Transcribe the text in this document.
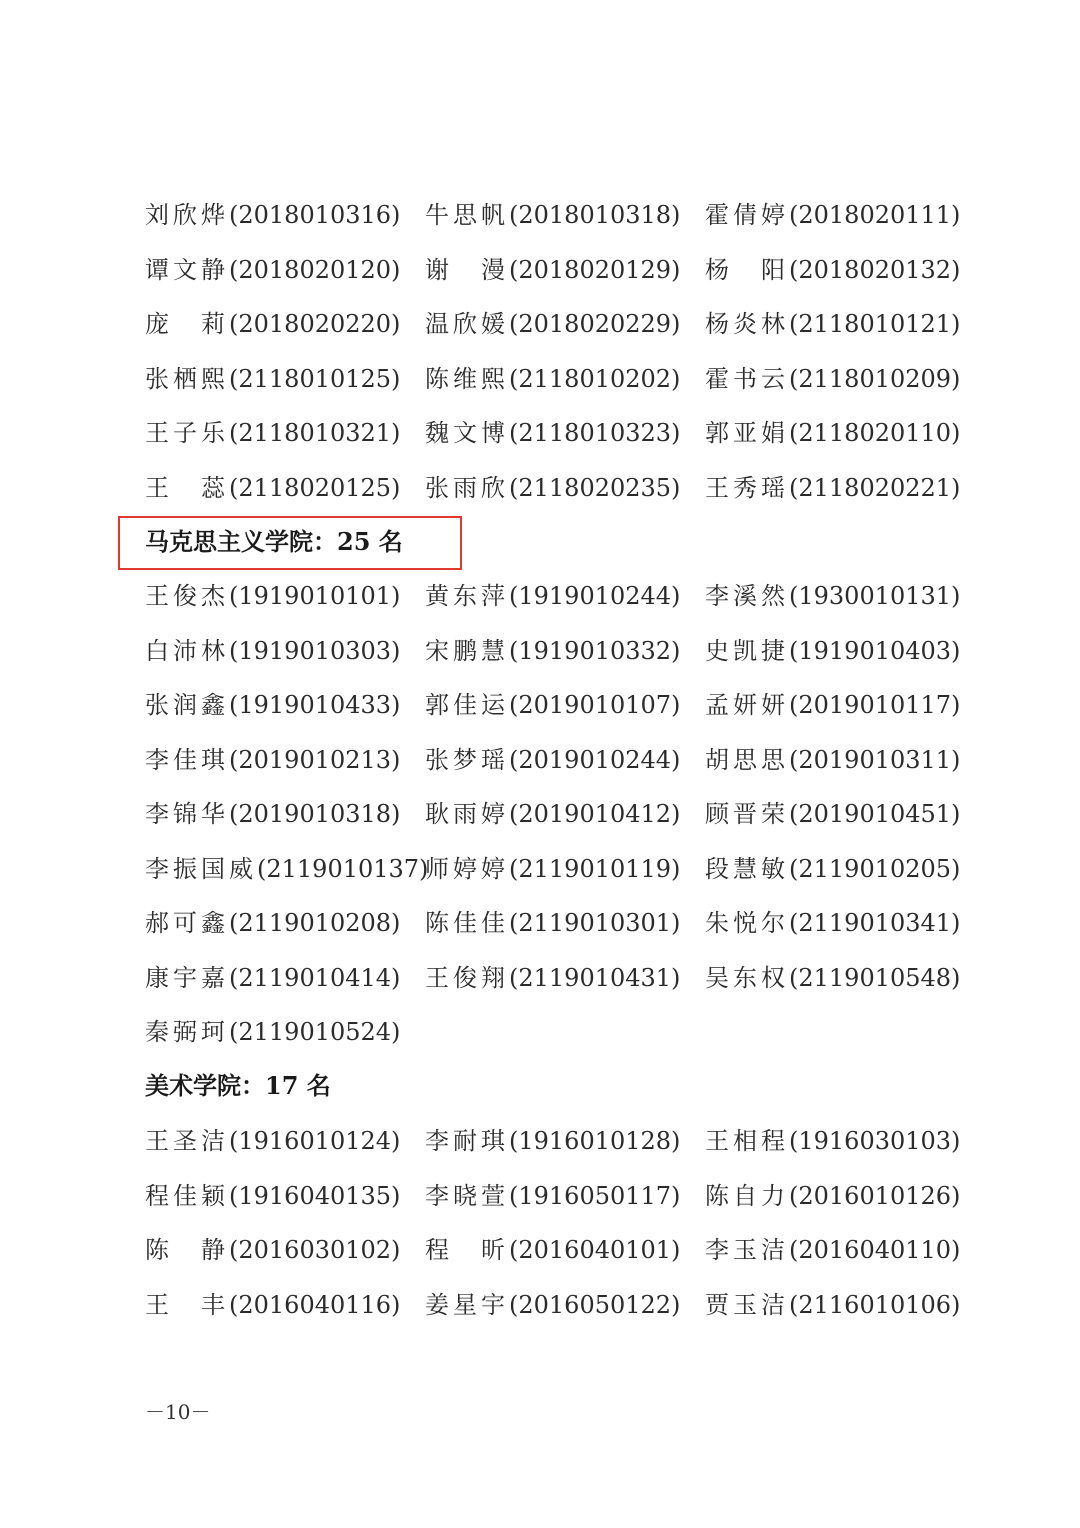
刘欣烨(2018010316) 牛思帆(2018010318) 霍倩婷(2018020111)
谭文静(2018020120) 谢　漫(2018020129) 杨　阳(2018020132)
庞　莉(2018020220) 温欣媛(2018020229) 杨炎林(2118010121)
张栖熙(2118010125) 陈维熙(2118010202) 霍书云(2118010209)
王子乐(2118010321) 魏文博(2118010323) 郭亚娟(2118020110)
王　蕊(2118020125) 张雨欣(2118020235) 王秀瑶(2118020221)
马克思主义学院：25 名
王俊杰(1919010101) 黄东萍(1919010244) 李溪然(1930010131)
白沛林(1919010303) 宋鹏慧(1919010332) 史凯捷(1919010403)
张润鑫(1919010433) 郭佳运(2019010107) 孟妍妍(2019010117)
李佳琪(2019010213) 张梦瑶(2019010244) 胡思思(2019010311)
李锦华(2019010318) 耿雨婷(2019010412) 顾晋荣(2019010451)
李振国威(2119010137)
师婷婷(2119010119) 段慧敏(2119010205)
郝可鑫(2119010208) 陈佳佳(2119010301) 朱悦尔(2119010341)
康宇嘉(2119010414) 王俊翔(2119010431) 吴东权(2119010548)
秦弼珂(2119010524)
美术学院：17 名
王圣洁(1916010124) 李耐琪(1916010128) 王相程(1916030103)
程佳颖(1916040135) 李晓萱(1916050117) 陈自力(2016010126)
陈　静(2016030102) 程　昕(2016040101) 李玉洁(2016040110)
王　丰(2016040116) 姜星宇(2016050122) 贾玉洁(2116010106)
－10－
